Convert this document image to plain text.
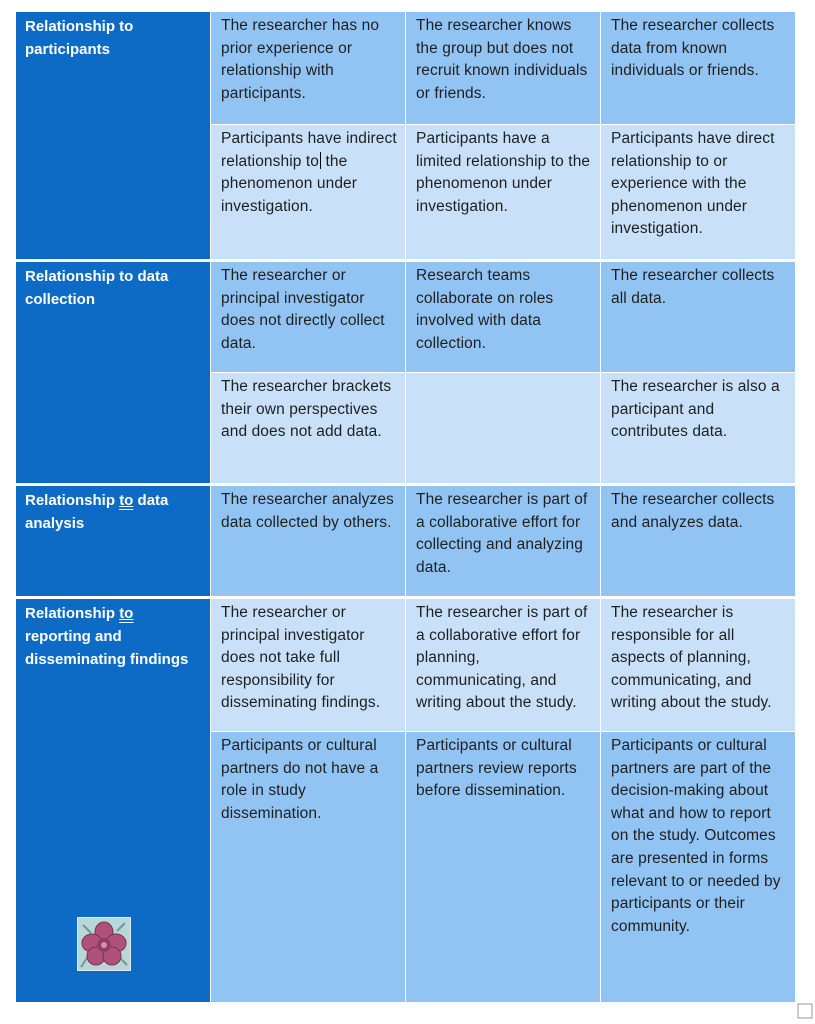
Relationship to participants
The researcher has no prior experience or relationship with participants.
The researcher knows the group but does not recruit known individuals or friends.
The researcher collects data from known individuals or friends.
Participants have indirect relationship to the phenomenon under investigation.
Participants have a limited relationship to the phenomenon under investigation.
Participants have direct relationship to or experience with the phenomenon under investigation.
Relationship to data collection
The researcher or principal investigator does not directly collect data.
Research teams collaborate on roles involved with data collection.
The researcher collects all data.
The researcher brackets their own perspectives and does not add data.
The researcher is also a participant and contributes data.
Relationship to data analysis
The researcher analyzes data collected by others.
The researcher is part of a collaborative effort for collecting and analyzing data.
The researcher collects and analyzes data.
Relationship to reporting and disseminating findings
The researcher or principal investigator does not take full responsibility for disseminating findings.
The researcher is part of a collaborative effort for planning, communicating, and writing about the study.
The researcher is responsible for all aspects of planning, communicating, and writing about the study.
Participants or cultural partners do not have a role in study dissemination.
Participants or cultural partners review reports before dissemination.
Participants or cultural partners are part of the decision-making about what and how to report on the study. Outcomes are presented in forms relevant to or needed by participants or their community.
